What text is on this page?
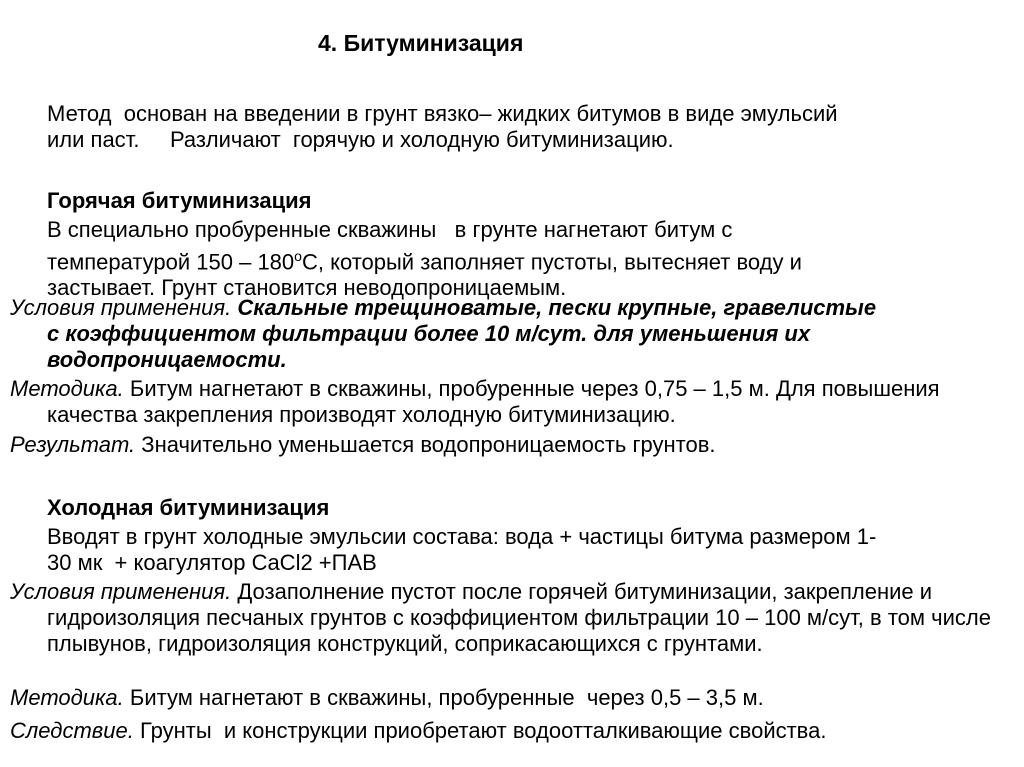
4. Битуминизация

Метод  основан на введении в грунт вязко– жидких битумов в виде эмульсий

или паст.     Различают  горячую и холодную битуминизацию.

Горячая битуминизация

В специально пробуренные скважины   в грунте нагнетают битум с

температурой $150 - 180^оС$, который заполняет пустоты, вытесняет воду и

застывает. Грунт становится неводопроницаемым.

Условия применения. Скальные трещиноватые, пески крупные, гравелистые с коэффициентом фильтрации более 10 м/сут. для уменьшения их водопроницаемости.
Методика. Битум нагнетают в скважины, пробуренные через 0,75 – 1,5 м. Для повышения качества закрепления производят холодную битуминизацию.
Результат. Значительно уменьшается водопроницаемость грунтов.
Холодная битуминизация

Вводят в грунт холодные эмульсии состава: вода + частицы битума размером 1-

30 мк  + коагулятор CaCl2 +ПАВ

Условия применения. Дозаполнение пустот после горячей битуминизации, закрепление и гидроизоляция песчаных грунтов с коэффициентом фильтрации 10 – 100 м/сут, в том числе плывунов, гидроизоляция конструкций, соприкасающихся с грунтами.
Методика. Битум нагнетают в скважины, пробуренные  через 0,5 – 3,5 м.
Следствие. Грунты  и конструкции приобретают водоотталкивающие свойства.
